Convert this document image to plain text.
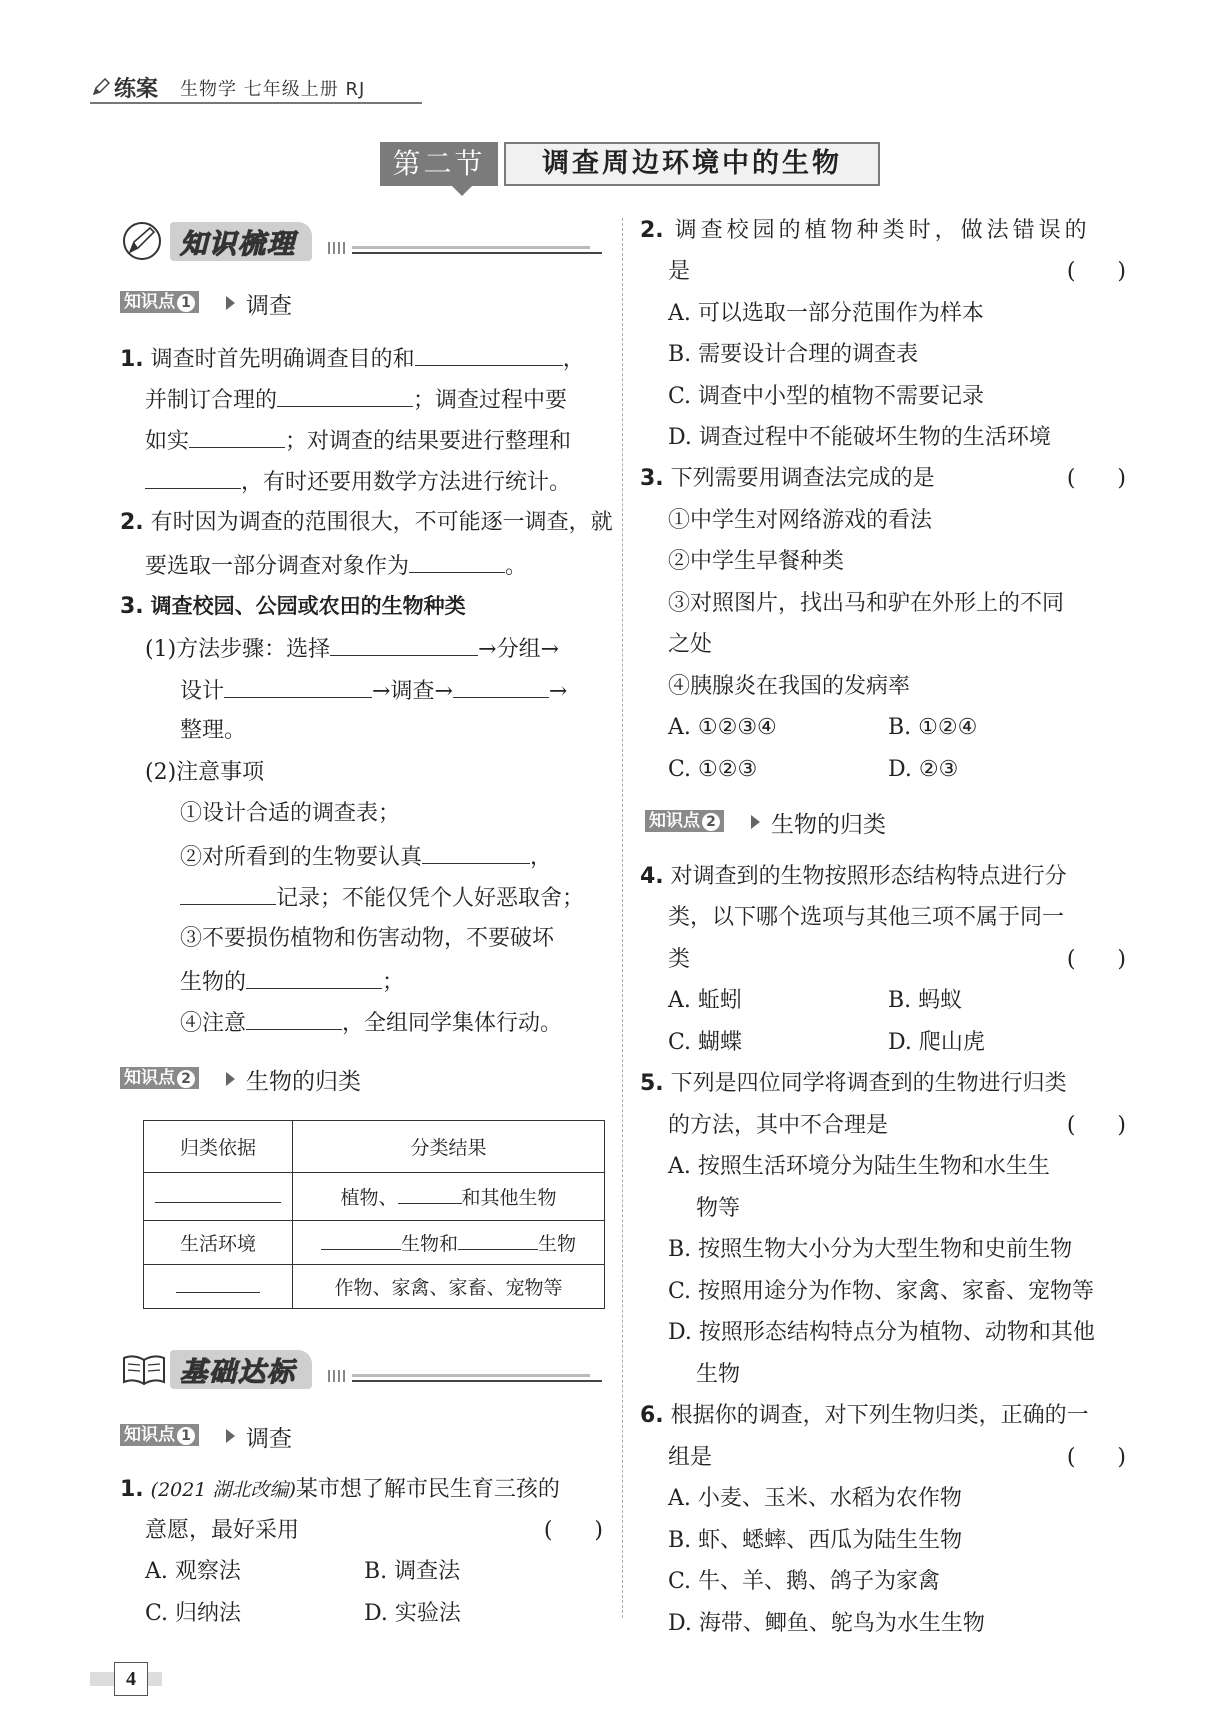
练案 生物学 七年级上册 RJ
第二节	调查周边环境中的生物
知识梳理
知识点 1	调查
1. 调查时首先明确调查目的和	，
并制订合理的	；调查过程中要
如实	；对调查的结果要进行整理和
，有时还要用数学方法进行统计。
2. 有时因为调查的范围很大，不可能逐一调查，就
要选取一部分调查对象作为	。
3. 调查校园、公园或农田的生物种类
(1)方法步骤：选择	→分组→
设计	→调查→	→
整理。
(2)注意事项
①设计合适的调查表；
②对所看到的生物要认真	，
记录；不能仅凭个人好恶取舍；
③不要损伤植物和伤害动物，不要破坏
生物的	；
④注意	，全组同学集体行动。
知识点 2	生物的归类
归类依据	分类结果
	植物、 和其他生物
生活环境	生物和 生物
	作物、家禽、家畜、宠物等
基础达标
知识点 1	调查
1. (2021 湖北改编)某市想了解市民生育三孩的
意愿，最好采用	(      )
A. 观察法	B. 调查法
C. 归纳法	D. 实验法
2. 调查校园的植物种类时，做法错误的
是	(      )
A. 可以选取一部分范围作为样本
B. 需要设计合理的调查表
C. 调查中小型的植物不需要记录
D. 调查过程中不能破坏生物的生活环境
3. 下列需要用调查法完成的是	(      )
①中学生对网络游戏的看法
②中学生早餐种类
③对照图片，找出马和驴在外形上的不同
之处
④胰腺炎在我国的发病率
A. ①②③④	B. ①②④
C. ①②③	D. ②③
知识点 2	生物的归类
4. 对调查到的生物按照形态结构特点进行分
类，以下哪个选项与其他三项不属于同一
类	(      )
A. 蚯蚓	B. 蚂蚁
C. 蝴蝶	D. 爬山虎
5. 下列是四位同学将调查到的生物进行归类
的方法，其中不合理是	(      )
A. 按照生活环境分为陆生生物和水生生
物等
B. 按照生物大小分为大型生物和史前生物
C. 按照用途分为作物、家禽、家畜、宠物等
D. 按照形态结构特点分为植物、动物和其他
生物
6. 根据你的调查，对下列生物归类，正确的一
组是	(      )
A. 小麦、玉米、水稻为农作物
B. 虾、蟋蟀、西瓜为陆生生物
C. 牛、羊、鹅、鸽子为家禽
D. 海带、鲫鱼、鸵鸟为水生生物
4
